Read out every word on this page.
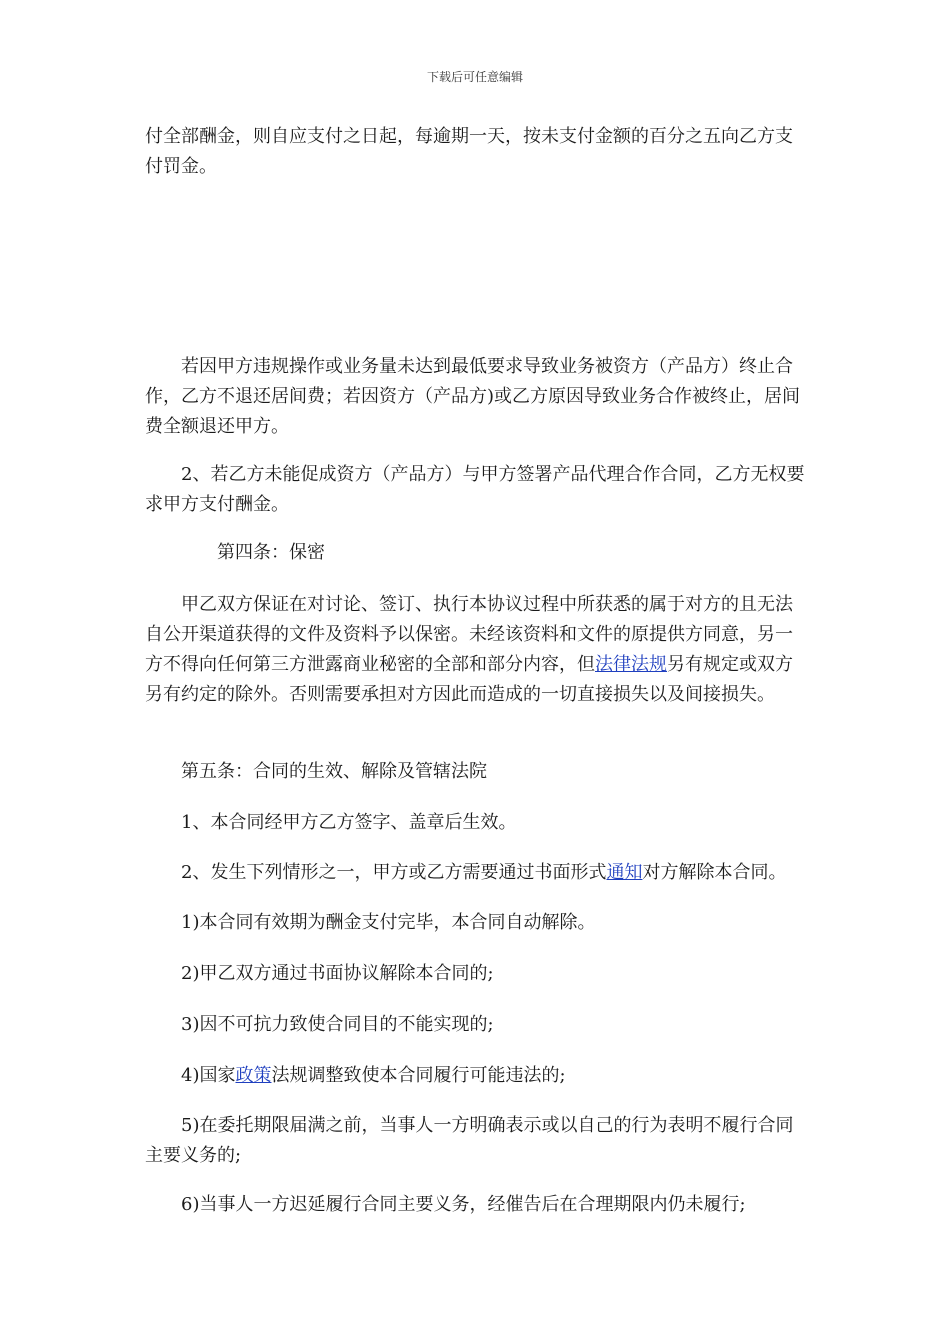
下载后可任意编辑

付全部酬金，则自应支付之日起，每逾期一天，按未支付金额的百分之五向乙方支付罚金。

若因甲方违规操作或业务量未达到最低要求导致业务被资方（产品方）终止合作，乙方不退还居间费；若因资方（产品方)或乙方原因导致业务合作被终止，居间费全额退还甲方。

2、若乙方未能促成资方（产品方）与甲方签署产品代理合作合同，乙方无权要求甲方支付酬金。

第四条：保密

甲乙双方保证在对讨论、签订、执行本协议过程中所获悉的属于对方的且无法自公开渠道获得的文件及资料予以保密。未经该资料和文件的原提供方同意，另一方不得向任何第三方泄露商业秘密的全部和部分内容，但法律法规另有规定或双方另有约定的除外。否则需要承担对方因此而造成的一切直接损失以及间接损失。

第五条：合同的生效、解除及管辖法院

1、本合同经甲方乙方签字、盖章后生效。

2、发生下列情形之一，甲方或乙方需要通过书面形式通知对方解除本合同。

1)本合同有效期为酬金支付完毕，本合同自动解除。

2)甲乙双方通过书面协议解除本合同的;

3)因不可抗力致使合同目的不能实现的;

4)国家政策法规调整致使本合同履行可能违法的;

5)在委托期限届满之前，当事人一方明确表示或以自己的行为表明不履行合同主要义务的;

6)当事人一方迟延履行合同主要义务，经催告后在合理期限内仍未履行;
